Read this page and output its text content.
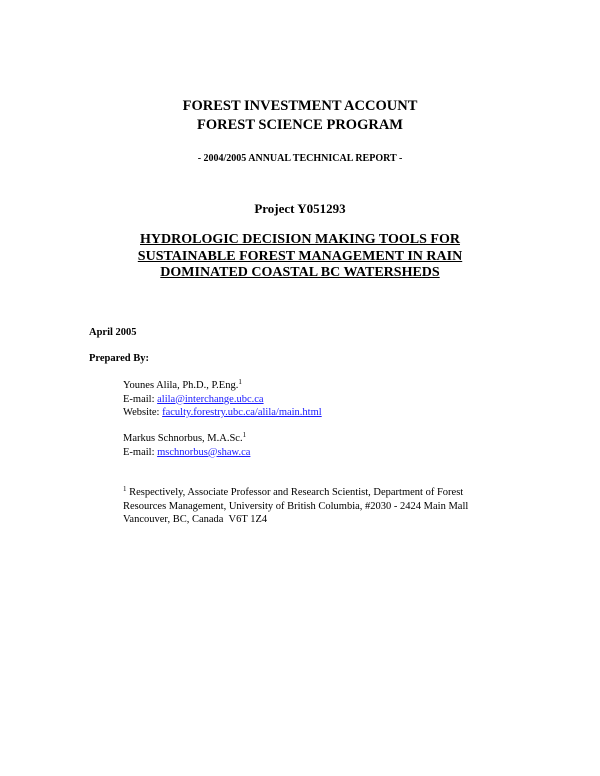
FOREST INVESTMENT ACCOUNT
FOREST SCIENCE PROGRAM
- 2004/2005 ANNUAL TECHNICAL REPORT -
Project Y051293
HYDROLOGIC DECISION MAKING TOOLS FOR
SUSTAINABLE FOREST MANAGEMENT IN RAIN
DOMINATED COASTAL BC WATERSHEDS
April 2005
Prepared By:
Younes Alila, Ph.D., P.Eng.$^1$
E-mail: alila@interchange.ubc.ca
Website: faculty.forestry.ubc.ca/alila/main.html
Markus Schnorbus, M.A.Sc.$^1$
E-mail: mschnorbus@shaw.ca
$^1$ Respectively, Associate Professor and Research Scientist, Department of Forest
Resources Management, University of British Columbia, #2030 - 2424 Main Mall
Vancouver, BC, Canada  V6T 1Z4
